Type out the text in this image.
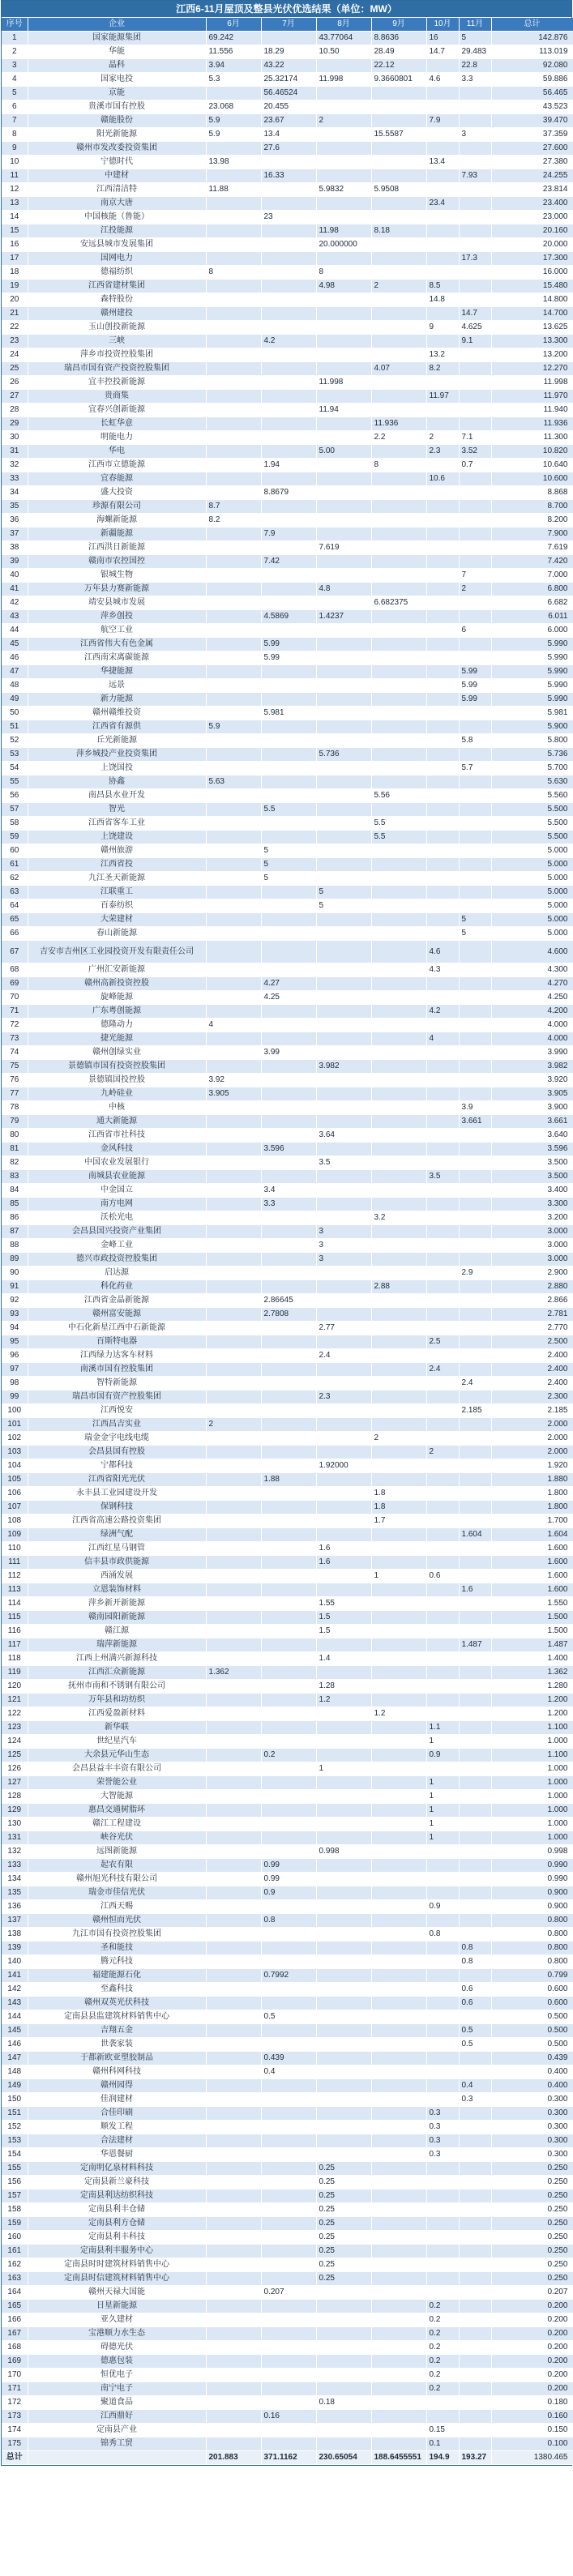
江西6-11月屋顶及整县光伏优选结果（单位：MW）
序号	企业	6月	7月	8月	9月	10月	11月	总计
1	国家能源集团	69.242		43.77064	8.8636	16	5	142.876
2	华能	11.556	18.29	10.50	28.49	14.7	29.483	113.019
3	晶科	3.94	43.22		22.12		22.8	92.080
4	国家电投	5.3	25.32174	11.998	9.3660801	4.6	3.3	59.886
5	京能		56.46524					56.465
6	贵溪市国有控股	23.068	20.455					43.523
7	赣能股份	5.9	23.67	2		7.9		39.470
8	阳光新能源	5.9	13.4		15.5587		3	37.359
9	赣州市发改委投资集团		27.6					27.600
10	宁德时代	13.98				13.4		27.380
11	中建材		16.33				7.93	24.255
12	江西清洁特	11.88		5.9832	5.9508			23.814
13	南京大唐					23.4		23.400
14	中国核能（鲁能）		23					23.000
15	江投能源			11.98	8.18			20.160
16	安远县城市发展集团			20.000000				20.000
17	国网电力						17.3	17.300
18	德福纺织	8		8				16.000
19	江西省建材集团			4.98	2	8.5		15.480
20	森特股份					14.8		14.800
21	赣州建投						14.7	14.700
22	玉山创投新能源					9	4.625	13.625
23	三峡		4.2				9.1	13.300
24	萍乡市投资控股集团					13.2		13.200
25	瑞昌市国有资产投资控股集团				4.07	8.2		12.270
26	宜丰控投新能源			11.998				11.998
27	贵商集					11.97		11.970
28	宜春兴创新能源			11.94				11.940
29	长虹华意				11.936			11.936
30	明能电力				2.2	2	7.1	11.300
31	华电			5.00		2.3	3.52	10.820
32	江西市立德能源		1.94		8		0.7	10.640
33	宜春能源					10.6		10.600
34	盛大投资		8.8679					8.868
35	珍源有限公司	8.7						8.700
36	海螺新能源	8.2						8.200
37	新疆能源		7.9					7.900
38	江西洪日新能源			7.619				7.619
39	赣南市农控国控		7.42					7.420
40	银城生物						7	7.000
41	万年县力赛新能源			4.8			2	6.800
42	靖安县城市发展				6.682375			6.682
43	萍乡创投		4.5869	1.4237				6.011
44	航空工业						6	6.000
45	江西省伟大有色金属		5.99					5.990
46	江西南宋离碳能源		5.99					5.990
47	华捷能源						5.99	5.990
48	远景						5.99	5.990
49	新力能源						5.99	5.990
50	赣州赣维投资		5.981					5.981
51	江西省有源供	5.9						5.900
52	丘光新能源						5.8	5.800
53	萍乡城投产业投资集团			5.736				5.736
54	上饶国投						5.7	5.700
55	协鑫	5.63						5.630
56	南昌县水业开发				5.56			5.560
57	智光		5.5					5.500
58	江西省客车工业				5.5			5.500
59	上饶建设				5.5			5.500
60	赣州旅游		5					5.000
61	江西省投		5					5.000
62	九江圣天新能源		5					5.000
63	江联重工			5				5.000
64	百泰纺织			5				5.000
65	大荣建材						5	5.000
66	春山新能源						5	5.000
67	吉安市吉州区工业园投资开发有限责任公司					4.6		4.600
68	广州汇安新能源					4.3		4.300
69	赣州高新投资控股		4.27					4.270
70	旋峰能源		4.25					4.250
71	广东粤创能源					4.2		4.200
72	德隆动力	4						4.000
73	捷光能源					4		4.000
74	赣州创绿实业		3.99					3.990
75	景德镇市国有投资控股集团			3.982				3.982
76	景德镇国投控股	3.92						3.920
77	九岭硅业	3.905						3.905
78	中核						3.9	3.900
79	通大新能源						3.661	3.661
80	江西省市社科技			3.64				3.640
81	金风科技		3.596					3.596
82	中国农业发展银行			3.5				3.500
83	南城县农业能源					3.5		3.500
84	中金国立		3.4					3.400
85	南方电网		3.3					3.300
86	沃松光电				3.2			3.200
87	会昌县国兴投资产业集团			3				3.000
88	金峰工业			3				3.000
89	德兴市政投资控股集团			3				3.000
90	启达源						2.9	2.900
91	科化药业				2.88			2.880
92	江西省金晶新能源		2.86645					2.866
93	赣州富安能源		2.7808					2.781
94	中石化新星江西中石新能源			2.77				2.770
95	百斯特电器					2.5		2.500
96	江西绿力达客车材料			2.4				2.400
97	南溪市国有控股集团					2.4		2.400
98	智特新能源						2.4	2.400
99	瑞昌市国有资产控股集团			2.3				2.300
100	江西悦安						2.185	2.185
101	江西昌吉实业	2						2.000
102	瑞金金宇电线电缆				2			2.000
103	会昌县国有控股					2		2.000
104	宁都科技			1.92000				1.920
105	江西省阳光光伏		1.88					1.880
106	永丰县工业园建设开发				1.8			1.800
107	保钢科技				1.8			1.800
108	江西省高速公路投资集团				1.7			1.700
109	绿洲气配						1.604	1.604
110	江西红星马钢管			1.6				1.600
111	信丰县市政供能源			1.6				1.600
112	西涌发展				1	0.6		1.600
113	立恩装饰材料						1.6	1.600
114	萍乡新开新能源			1.55				1.550
115	赣南园阳新能源			1.5				1.500
116	赣江源			1.5				1.500
117	瑞萍新能源						1.487	1.487
118	江西上州满兴新源科技			1.4				1.400
119	江西汇众新能源	1.362						1.362
120	抚州市南和不锈钢有限公司			1.28				1.280
121	万年县和坊纺织			1.2				1.200
122	江西爱盈新材料				1.2			1.200
123	新华联					1.1		1.100
124	世纪星汽车					1		1.000
125	大余县元华山生态		0.2			0.9		1.100
126	会昌县益丰丰资有限公司			1				1.000
127	荣誉能公业					1		1.000
128	大智能源					1		1.000
129	惠昌交通树脂环					1		1.000
130	赣江工程建设					1		1.000
131	峡谷光伏					1		1.000
132	远图新能源			0.998				0.998
133	起农有限		0.99					0.990
134	赣州旭光科技有限公司		0.99					0.990
135	瑞金市佳信光伏		0.9					0.900
136	江西天赐					0.9		0.900
137	赣州恒而光伏		0.8					0.800
138	九江市国有投资控股集团					0.8		0.800
139	圣和能技						0.8	0.800
140	腾元科技						0.8	0.800
141	福建能源石化		0.7992					0.799
142	至鑫科技						0.6	0.600
143	赣州双英光伏科技						0.6	0.600
144	定南县县监建筑材料销售中心		0.5					0.500
145	吉翔五金						0.5	0.500
146	世袭家装						0.5	0.500
147	于都新欧亚塑胶制品		0.439					0.439
148	赣州科网科技		0.4					0.400
149	赣州园得						0.4	0.400
150	佳润建材						0.3	0.300
151	合佳印刷					0.3		0.300
152	顺发工程					0.3		0.300
153	合法建材					0.3		0.300
154	华恩餐厨					0.3		0.300
155	定南明亿泉材料科技			0.25				0.250
156	定南县新兰豪科技			0.25				0.250
157	定南县利达纺织科技			0.25				0.250
158	定南县利丰仓储			0.25				0.250
159	定南县利方仓储			0.25				0.250
160	定南县利丰科技			0.25				0.250
161	定南县利丰服务中心			0.25				0.250
162	定南县时时建筑材料销售中心			0.25				0.250
163	定南县时信建筑材料销售中心			0.25				0.250
164	赣州天禄大国能		0.207					0.207
165	日星新能源					0.2		0.200
166	亚久建材					0.2		0.200
167	宝港顺力水生态					0.2		0.200
168	碍德光伏					0.2		0.200
169	德惠包装					0.2		0.200
170	恒优电子					0.2		0.200
171	南宁电子					0.2		0.200
172	聚道食品			0.18				0.180
173	江西鼎好		0.16					0.160
174	定南县产业					0.15		0.150
175	锦秀工贸					0.1		0.100
总计		201.883	371.1162	230.65054	188.6455551	194.9	193.27	1380.465
